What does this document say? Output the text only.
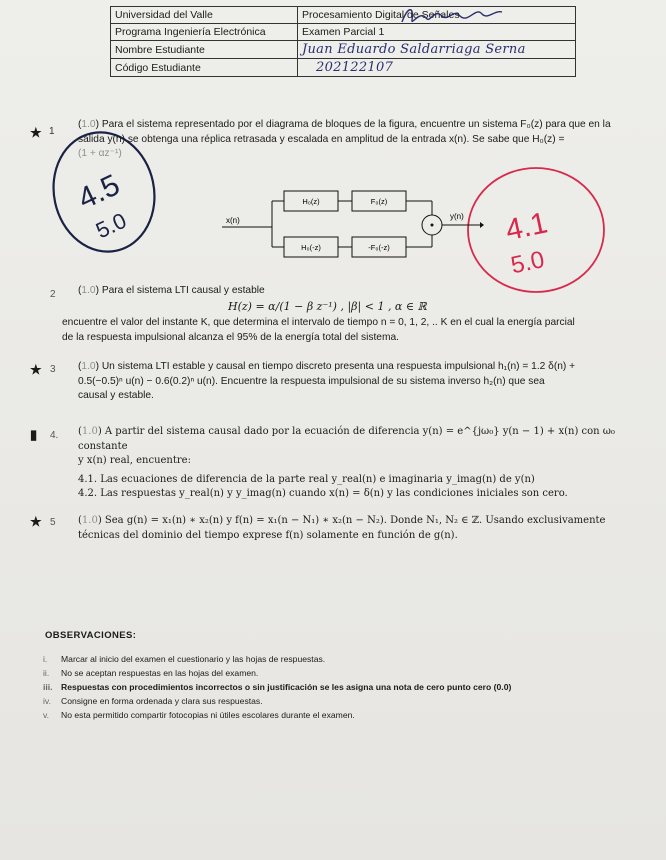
Universidad del Valle	Procesamiento Digital de Señales
Programa Ingeniería Electrónica	Examen Parcial 1
Nombre Estudiante	Juan Eduardo Saldarriaga Serna
Código Estudiante	202122107
4.5
5.0	4.1
5.0
★ 1

(1.0) Para el sistema representado por el diagrama de bloques de la figura, encuentre un sistema F₀(z) para que en la

salida y(n) se obtenga una réplica retrasada y escalada en amplitud de la entrada x(n). Se sabe que H₀(z) =

(1 + αz⁻¹)

x(n)	y(n)
H₀(z)	F₀(z)
H₀(-z)	-F₀(-z)
2 (1.0) Para el sistema LTI causal y estable

H(z) = α/(1 − β z⁻¹) , |β| < 1 , α ∈ ℝ

encuentre el valor del instante K, que determina el intervalo de tiempo n = 0, 1, 2, .. K en el cual la energía parcial

de la respuesta impulsional alcanza el 95% de la energía total del sistema.

★ 3 (1.0) Un sistema LTI estable y causal en tiempo discreto presenta una respuesta impulsional h₁(n) = 1.2 δ(n) +

0.5(−0.5)ⁿ u(n) − 0.6(0.2)ⁿ u(n). Encuentre la respuesta impulsional de su sistema inverso h₂(n) que sea

causal y estable.

▮ 4. (1.0) A partir del sistema causal dado por la ecuación de diferencia y(n) = e^{jω₀} y(n − 1) + x(n) con ω₀ constante

y x(n) real, encuentre:

4.1. Las ecuaciones de diferencia de la parte real y_real(n) e imaginaria y_imag(n) de y(n)

4.2. Las respuestas y_real(n) y y_imag(n) cuando x(n) = δ(n) y las condiciones iniciales son cero.

★ 5 (1.0) Sea g(n) = x₁(n) ∗ x₂(n) y f(n) = x₁(n − N₁) ∗ x₂(n − N₂). Donde N₁, N₂ ∈ ℤ. Usando exclusivamente

técnicas del dominio del tiempo exprese f(n) solamente en función de g(n).

OBSERVACIONES:
i. Marcar al inicio del examen el cuestionario y las hojas de respuestas.
ii. No se aceptan respuestas en las hojas del examen.
iii. Respuestas con procedimientos incorrectos o sin justificación se les asigna una nota de cero punto cero (0.0)
iv. Consigne en forma ordenada y clara sus respuestas.
v. No esta permitido compartir fotocopias ni útiles escolares durante el examen.
